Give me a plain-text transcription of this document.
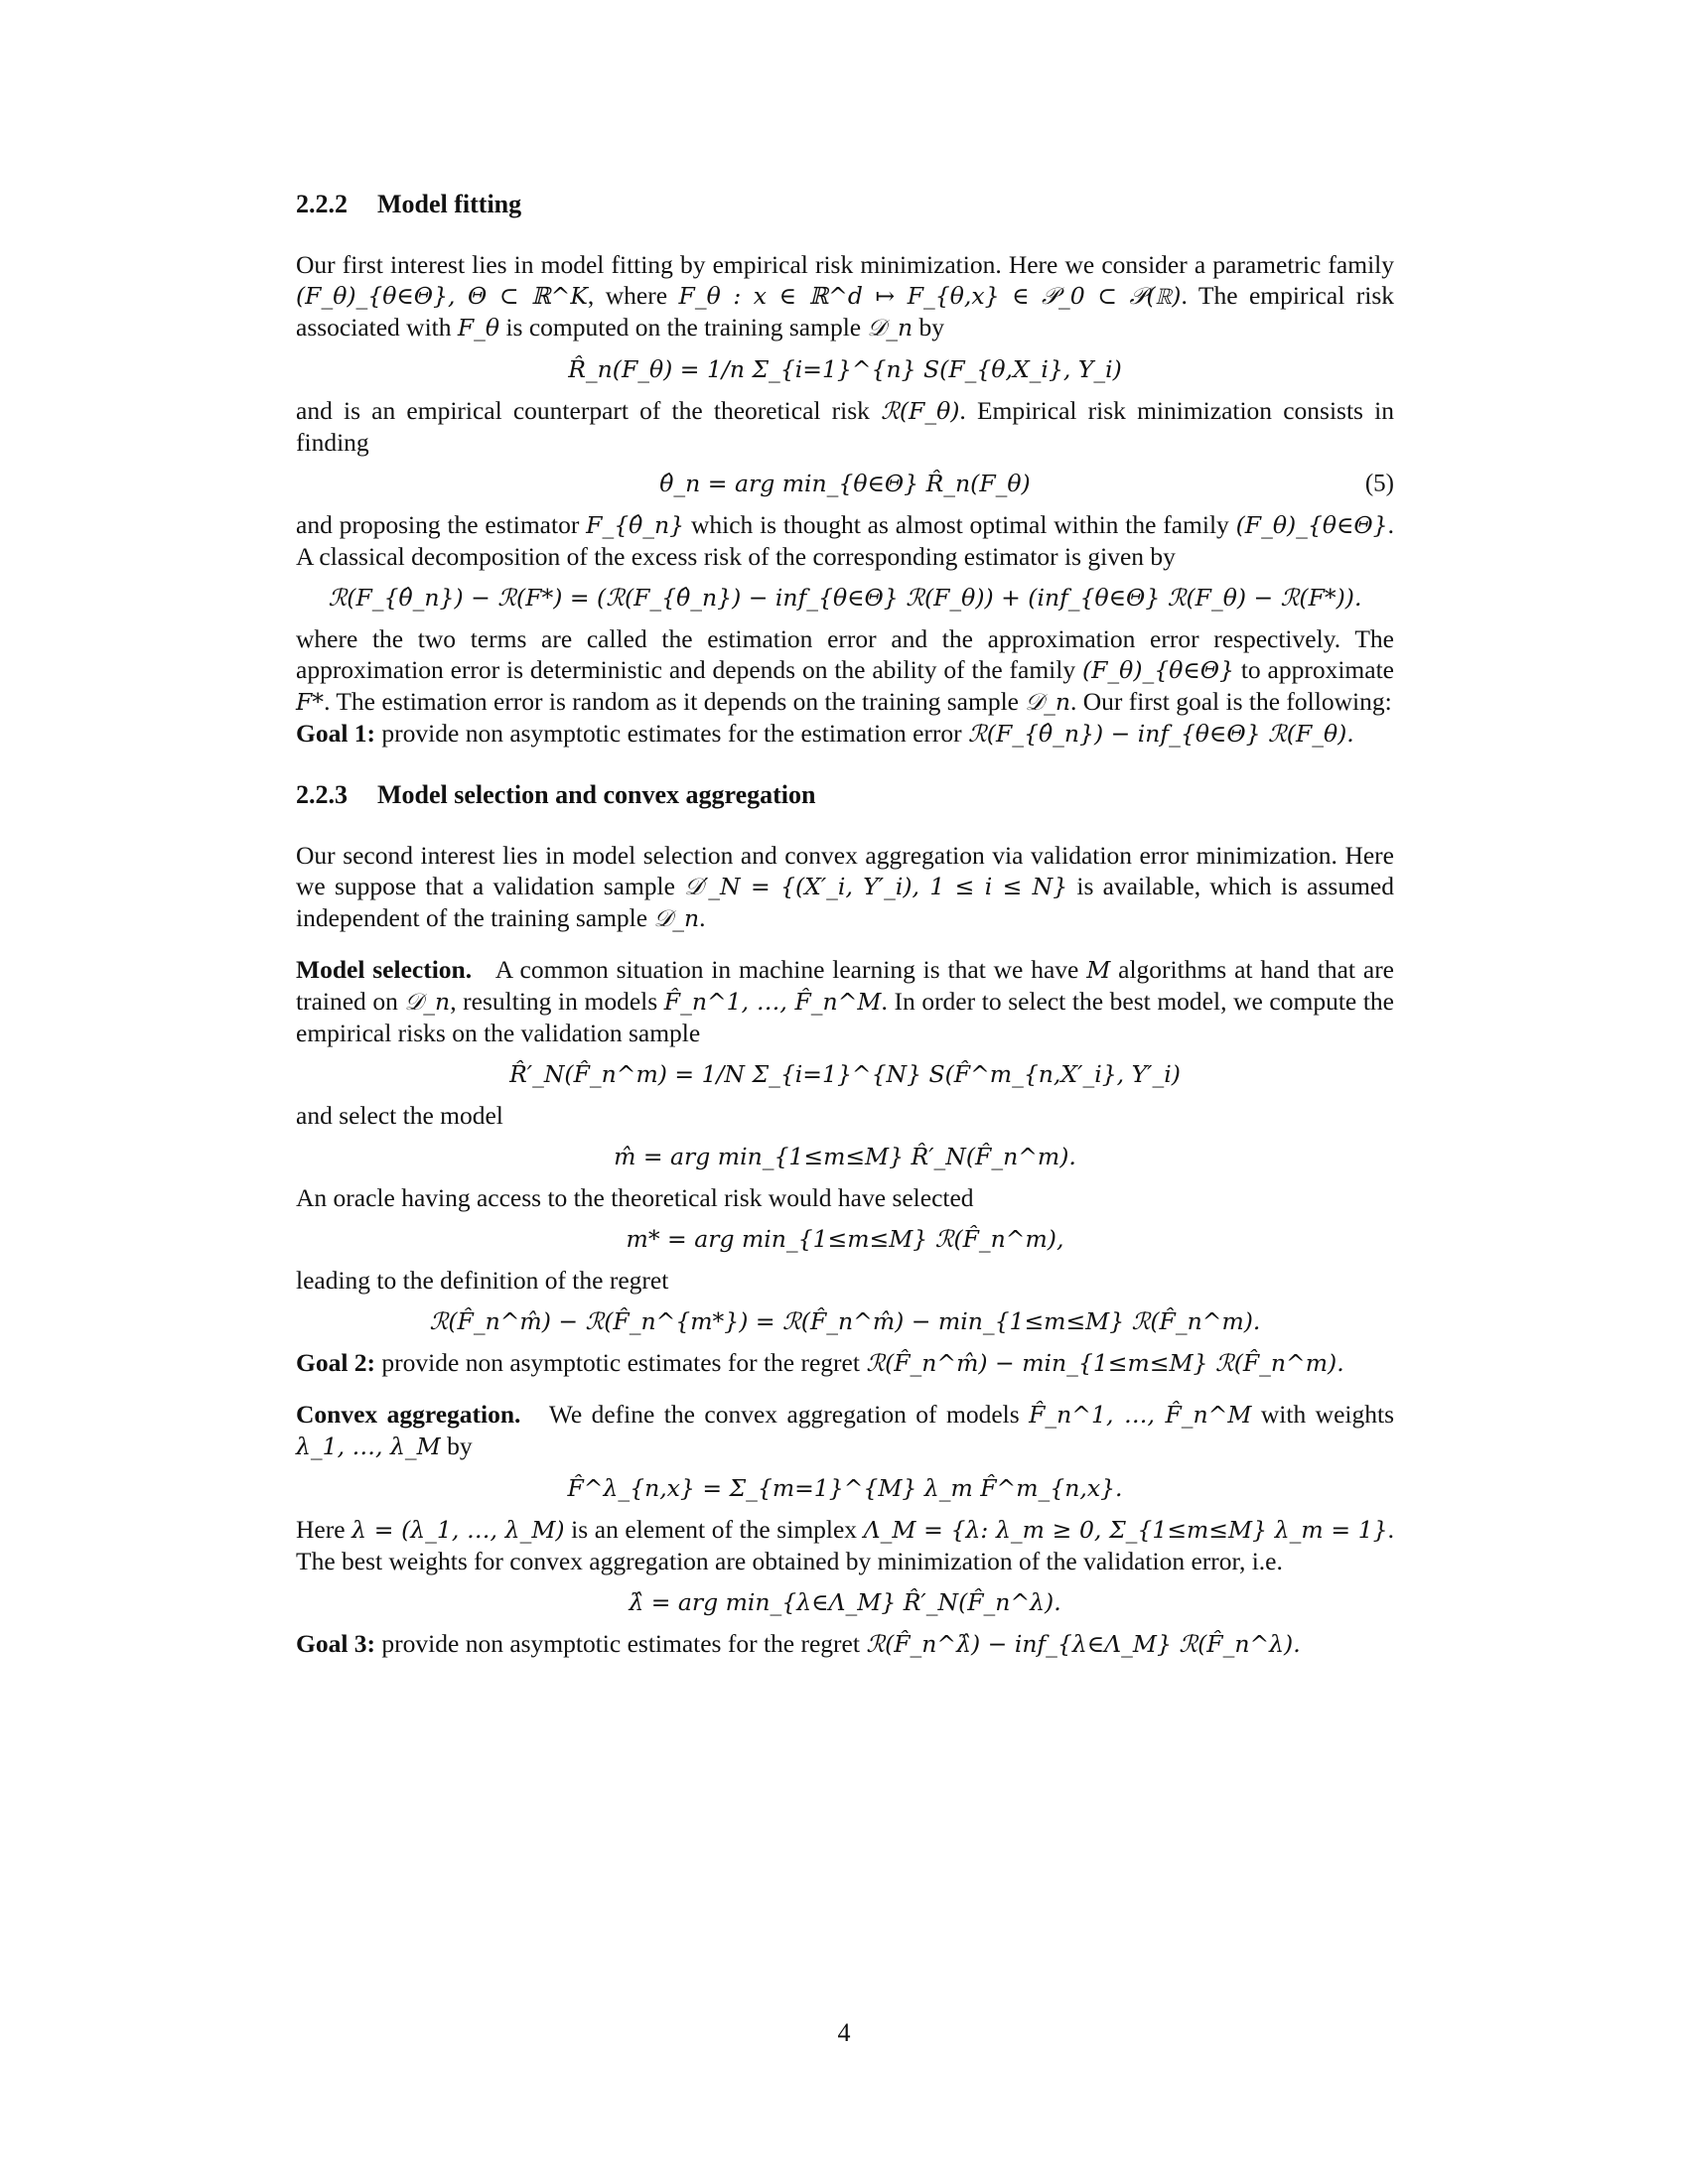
2.2.2 Model fitting

Our first interest lies in model fitting by empirical risk minimization. Here we consider a parametric family (F_θ)_{θ∈Θ}, Θ ⊂ ℝ^K, where F_θ : x ∈ ℝ^d ↦ F_{θ,x} ∈ 𝒫_0 ⊂ 𝒫(ℝ). The empirical risk associated with F_θ is computed on the training sample 𝒟_n by

R̂_n(F_θ) = 1/n Σ_{i=1}^{n} S(F_{θ,X_i}, Y_i)

and is an empirical counterpart of the theoretical risk ℛ(F_θ). Empirical risk minimization consists in finding

θ̂_n = arg min_{θ∈Θ} R̂_n(F_θ)	(5)

and proposing the estimator F_{θ̂_n} which is thought as almost optimal within the family (F_θ)_{θ∈Θ}. A classical decomposition of the excess risk of the corresponding estimator is given by

ℛ(F_{θ̂_n}) − ℛ(F*) = (ℛ(F_{θ̂_n}) − inf_{θ∈Θ} ℛ(F_θ)) + (inf_{θ∈Θ} ℛ(F_θ) − ℛ(F*)).

where the two terms are called the estimation error and the approximation error respectively. The approximation error is deterministic and depends on the ability of the family (F_θ)_{θ∈Θ} to approximate F*. The estimation error is random as it depends on the training sample 𝒟_n. Our first goal is the following:

Goal 1: provide non asymptotic estimates for the estimation error ℛ(F_{θ̂_n}) − inf_{θ∈Θ} ℛ(F_θ).

2.2.3 Model selection and convex aggregation

Our second interest lies in model selection and convex aggregation via validation error minimization. Here we suppose that a validation sample 𝒟′_N = {(X′_i, Y′_i), 1 ≤ i ≤ N} is available, which is assumed independent of the training sample 𝒟_n.

Model selection. A common situation in machine learning is that we have M algorithms at hand that are trained on 𝒟_n, resulting in models F̂_n^1, …, F̂_n^M. In order to select the best model, we compute the empirical risks on the validation sample

R̂′_N(F̂_n^m) = 1/N Σ_{i=1}^{N} S(F̂^m_{n,X′_i}, Y′_i)

and select the model

m̂ = arg min_{1≤m≤M} R̂′_N(F̂_n^m).

An oracle having access to the theoretical risk would have selected

m* = arg min_{1≤m≤M} ℛ(F̂_n^m),

leading to the definition of the regret

ℛ(F̂_n^m̂) − ℛ(F̂_n^{m*}) = ℛ(F̂_n^m̂) − min_{1≤m≤M} ℛ(F̂_n^m).

Goal 2: provide non asymptotic estimates for the regret ℛ(F̂_n^m̂) − min_{1≤m≤M} ℛ(F̂_n^m).

Convex aggregation. We define the convex aggregation of models F̂_n^1, …, F̂_n^M with weights λ_1, …, λ_M by

F̂^λ_{n,x} = Σ_{m=1}^{M} λ_m F̂^m_{n,x}.

Here λ = (λ_1, …, λ_M) is an element of the simplex Λ_M = {λ: λ_m ≥ 0, Σ_{1≤m≤M} λ_m = 1}. The best weights for convex aggregation are obtained by minimization of the validation error, i.e.

λ̂ = arg min_{λ∈Λ_M} R̂′_N(F̂_n^λ).

Goal 3: provide non asymptotic estimates for the regret ℛ(F̂_n^λ̂) − inf_{λ∈Λ_M} ℛ(F̂_n^λ).

4
